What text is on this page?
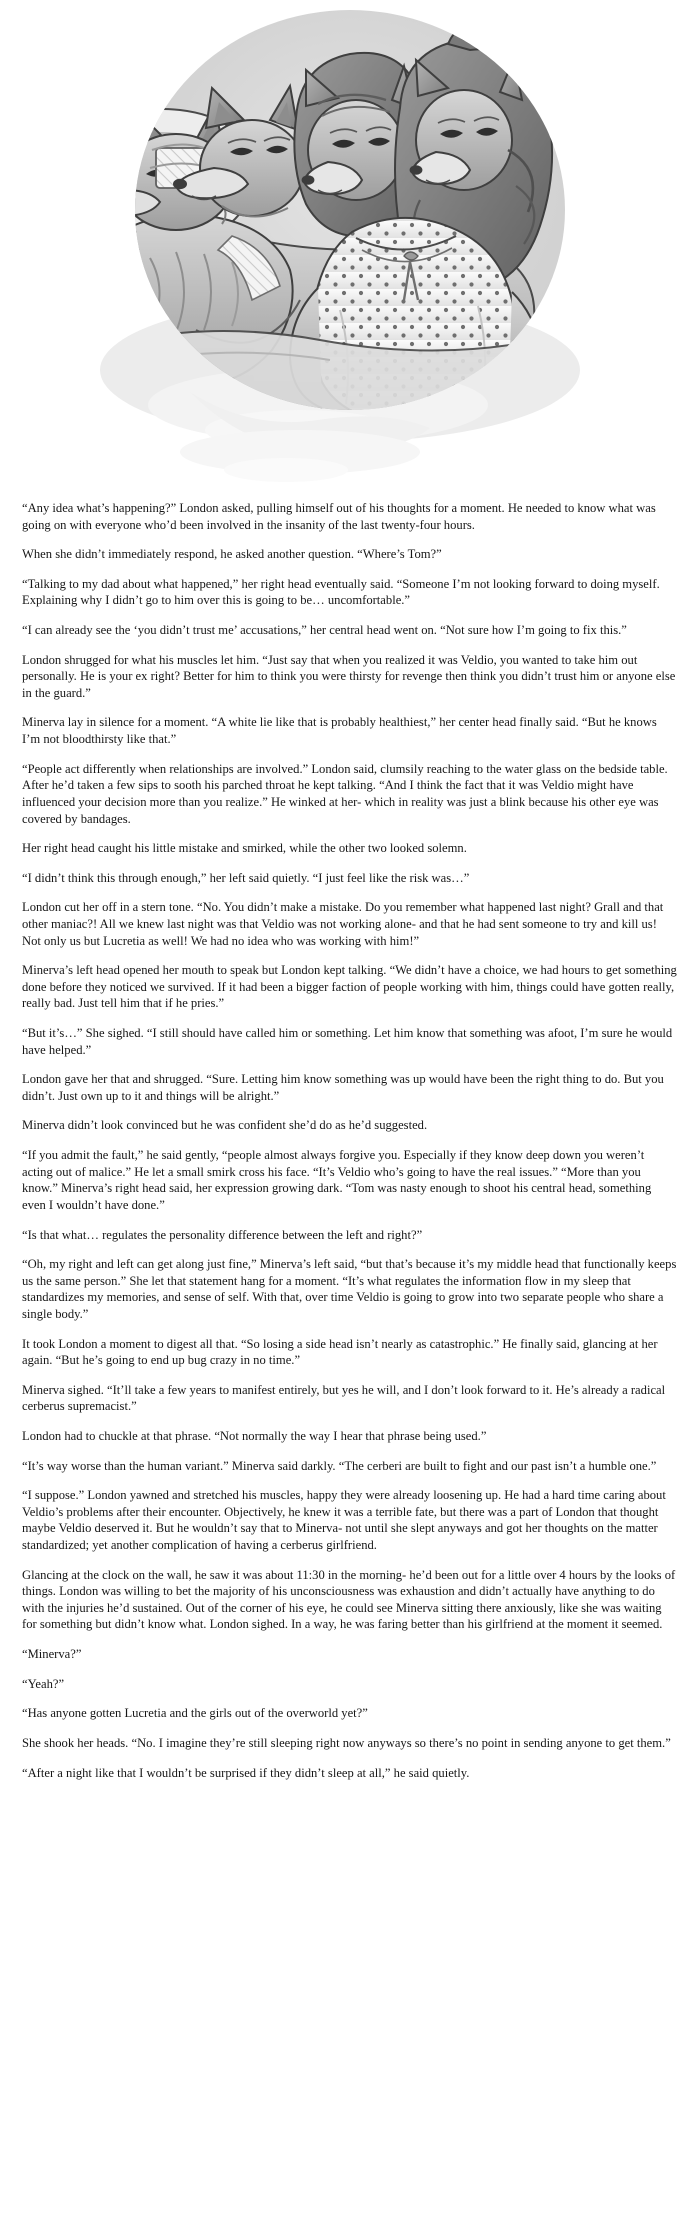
“Any idea what’s happening?” London asked, pulling himself out of his thoughts for a moment. He needed to know what was going on with everyone who’d been involved in the insanity of the last twenty-four hours.

When she didn’t immediately respond, he asked another question. “Where’s Tom?”

“Talking to my dad about what happened,” her right head eventually said. “Someone I’m not looking forward to doing myself. Explaining why I didn’t go to him over this is going to be… uncomfortable.”

“I can already see the ‘you didn’t trust me’ accusations,” her central head went on. “Not sure how I’m going to fix this.”

London shrugged for what his muscles let him. “Just say that when you realized it was Veldio, you wanted to take him out personally. He is your ex right? Better for him to think you were thirsty for revenge then think you didn’t trust him or anyone else in the guard.”

Minerva lay in silence for a moment. “A white lie like that is probably healthiest,” her center head finally said. “But he knows I’m not bloodthirsty like that.”

“People act differently when relationships are involved.” London said, clumsily reaching to the water glass on the bedside table. After he’d taken a few sips to sooth his parched throat he kept talking. “And I think the fact that it was Veldio might have influenced your decision more than you realize.” He winked at her- which in reality was just a blink because his other eye was covered by bandages.

Her right head caught his little mistake and smirked, while the other two looked solemn.

“I didn’t think this through enough,” her left said quietly. “I just feel like the risk was…”

London cut her off in a stern tone. “No. You didn’t make a mistake. Do you remember what happened last night? Grall and that other maniac?! All we knew last night was that Veldio was not working alone- and that he had sent someone to try and kill us! Not only us but Lucretia as well! We had no idea who was working with him!”

Minerva’s left head opened her mouth to speak but London kept talking. “We didn’t have a choice, we had hours to get something done before they noticed we survived. If it had been a bigger faction of people working with him, things could have gotten really, really bad. Just tell him that if he pries.”

“But it’s…” She sighed. “I still should have called him or something. Let him know that something was afoot, I’m sure he would have helped.”

London gave her that and shrugged. “Sure. Letting him know something was up would have been the right thing to do. But you didn’t. Just own up to it and things will be alright.”

Minerva didn’t look convinced but he was confident she’d do as he’d suggested.

“If you admit the fault,” he said gently, “people almost always forgive you. Especially if they know deep down you weren’t acting out of malice.” He let a small smirk cross his face. “It’s Veldio who’s going to have the real issues.” “More than you know.” Minerva’s right head said, her expression growing dark. “Tom was nasty enough to shoot his central head, something even I wouldn’t have done.”

“Is that what… regulates the personality difference between the left and right?”

“Oh, my right and left can get along just fine,” Minerva’s left said, “but that’s because it’s my middle head that functionally keeps us the same person.” She let that statement hang for a moment. “It’s what regulates the information flow in my sleep that standardizes my memories, and sense of self. With that, over time Veldio is going to grow into two separate people who share a single body.”

It took London a moment to digest all that. “So losing a side head isn’t nearly as catastrophic.” He finally said, glancing at her again. “But he’s going to end up bug crazy in no time.”

Minerva sighed. “It’ll take a few years to manifest entirely, but yes he will, and I don’t look forward to it. He’s already a radical cerberus supremacist.”

London had to chuckle at that phrase. “Not normally the way I hear that phrase being used.”

“It’s way worse than the human variant.” Minerva said darkly. “The cerberi are built to fight and our past isn’t a humble one.”

“I suppose.” London yawned and stretched his muscles, happy they were already loosening up. He had a hard time caring about Veldio’s problems after their encounter. Objectively, he knew it was a terrible fate, but there was a part of London that thought maybe Veldio deserved it. But he wouldn’t say that to Minerva- not until she slept anyways and got her thoughts on the matter standardized; yet another complication of having a cerberus girlfriend.

Glancing at the clock on the wall, he saw it was about 11:30 in the morning- he’d been out for a little over 4 hours by the looks of things. London was willing to bet the majority of his unconsciousness was exhaustion and didn’t actually have anything to do with the injuries he’d sustained. Out of the corner of his eye, he could see Minerva sitting there anxiously, like she was waiting for something but didn’t know what. London sighed. In a way, he was faring better than his girlfriend at the moment it seemed.

“Minerva?”

“Yeah?”

“Has anyone gotten Lucretia and the girls out of the overworld yet?”

She shook her heads. “No. I imagine they’re still sleeping right now anyways so there’s no point in sending anyone to get them.”

“After a night like that I wouldn’t be surprised if they didn’t sleep at all,” he said quietly.
